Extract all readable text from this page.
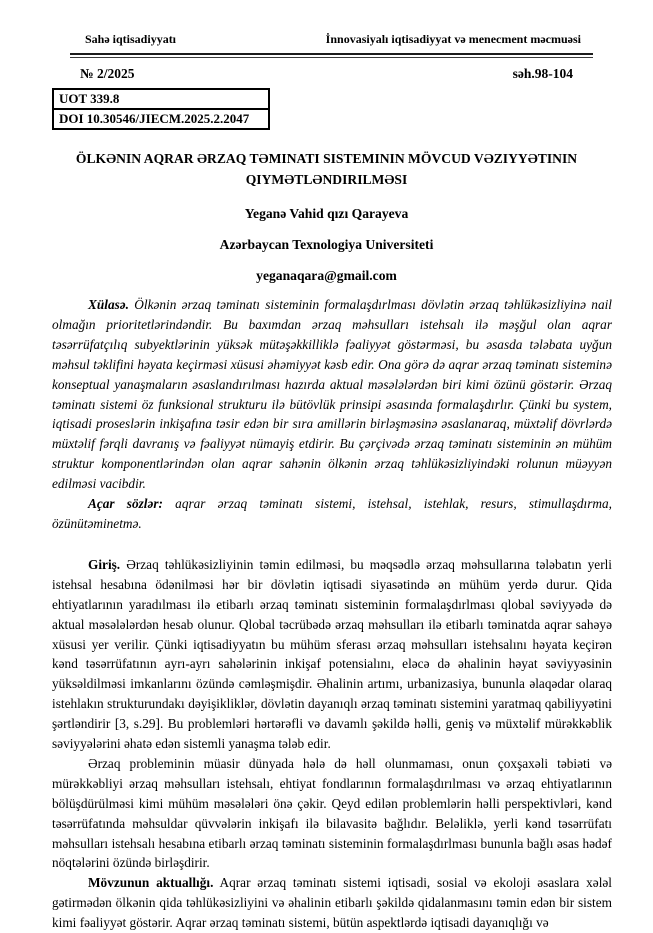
Sahə iqtisadiyyatı	İnnovasiyalı iqtisadiyyat və menecment məcmuəsi
№ 2/2025	səh.98-104
UOT 339.8
DOI 10.30546/JIECM.2025.2.2047
ÖLKƏNIN AQRAR ƏRZAQ TƏMINATI SISTEMININ MÖVCUD VƏZIYYƏTININ QIYMƏTLƏNDIRILMƏSI
Yeganə Vahid qızı Qarayeva
Azərbaycan Texnologiya Universiteti
yeganaqara@gmail.com

Xülasə. Ölkənin ərzaq təminatı sisteminin formalaşdırlması dövlətin ərzaq təhlükəsizliyinə nail olmağın prioritetlərindəndir. Bu baxımdan ərzaq məhsulları istehsalı ilə məşğul olan aqrar təsərrüfatçılıq subyektlərinin yüksək mütəşəkkilliklə fəaliyyət göstərməsi, bu əsasda tələbata uyğun məhsul təklifini həyata keçirməsi xüsusi əhəmiyyət kəsb edir. Ona görə də aqrar ərzaq təminatı sisteminə konseptual yanaşmaların əsaslandırılması hazırda aktual məsələlərdən biri kimi özünü göstərir. Ərzaq təminatı sistemi öz funksional strukturu ilə bütövlük prinsipi əsasında formalaşdırlır. Çünki bu system, iqtisadi proseslərin inkişafına təsir edən bir sıra amillərin birləşməsinə əsaslanaraq, müxtəlif dövrlərdə müxtəlif fərqli davranış və fəaliyyət nümayiş etdirir. Bu çərçivədə ərzaq təminatı sisteminin ən mühüm struktur komponentlərindən olan aqrar sahənin ölkənin ərzaq təhlükəsizliyindəki rolunun müəyyən edilməsi vacibdir.

Açar sözlər: aqrar ərzaq təminatı sistemi, istehsal, istehlak, resurs, stimullaşdırma, özünütəminetmə.

Giriş. Ərzaq təhlükəsizliyinin təmin edilməsi, bu məqsədlə ərzaq məhsullarına tələbatın yerli istehsal hesabına ödənilməsi hər bir dövlətin iqtisadi siyasətində ən mühüm yerdə durur. Qida ehtiyatlarının yaradılması ilə etibarlı ərzaq təminatı sisteminin formalaşdırlması qlobal səviyyədə də aktual məsələlərdən hesab olunur. Qlobal təcrübədə ərzaq məhsulları ilə etibarlı təminatda aqrar sahəyə xüsusi yer verilir. Çünki iqtisadiyyatın bu mühüm sferası ərzaq məhsulları istehsalını həyata keçirən kənd təsərrüfatının ayrı-ayrı sahələrinin inkişaf potensialını, eləcə də əhalinin həyat səviyyəsinin yüksəldilməsi imkanlarını özündə cəmləşmişdir. Əhalinin artımı, urbanizasiya, bununla əlaqədar olaraq istehlakın strukturundakı dəyişikliklər, dövlətin dayanıqlı ərzaq təminatı sistemini yaratmaq qabiliyyətini şərtləndirir [3, s.29]. Bu problemləri hərtərəfli və davamlı şəkildə həlli, geniş və müxtəlif mürəkkəblik səviyyələrini əhatə edən sistemli yanaşma tələb edir.

Ərzaq probleminin müasir dünyada hələ də həll olunmaması, onun çoxşaxəli təbiəti və mürəkkəbliyi ərzaq məhsulları istehsalı, ehtiyat fondlarının formalaşdırılması və ərzaq ehtiyatlarının bölüşdürülməsi kimi mühüm məsələləri önə çəkir. Qeyd edilən problemlərin həlli perspektivləri, kənd təsərrüfatında məhsuldar qüvvələrin inkişafı ilə bilavasitə bağlıdır. Beləliklə, yerli kənd təsərrüfatı məhsulları istehsalı hesabına etibarlı ərzaq təminatı sisteminin formalaşdırlması bununla bağlı əsas hədəf nöqtələrini özündə birləşdirir.

Mövzunun aktuallığı. Aqrar ərzaq təminatı sistemi iqtisadi, sosial və ekoloji əsaslara xələl gətirmədən ölkənin qida təhlükəsizliyini və əhalinin etibarlı şəkildə qidalanmasını təmin edən bir sistem kimi fəaliyyət göstərir. Aqrar ərzaq təminatı sistemi, bütün aspektlərdə iqtisadi dayanıqlığı və
